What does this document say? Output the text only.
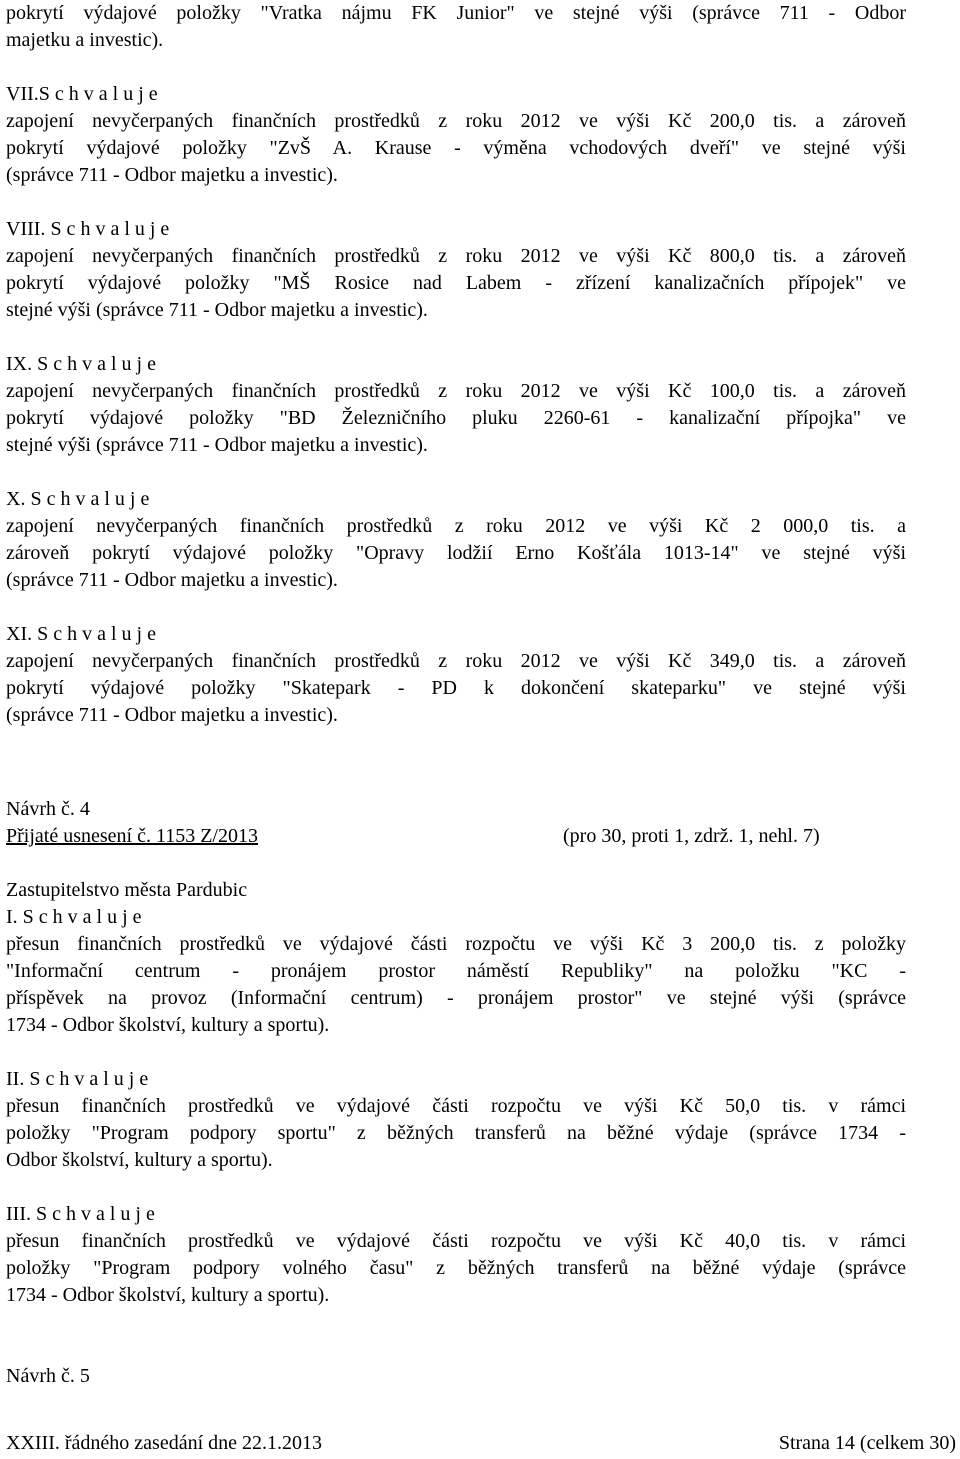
pokrytí výdajové položky "Vratka nájmu FK Junior" ve stejné výši (správce 711 - Odbor
majetku a investic).
VII.S c h v a l u j e
zapojení nevyčerpaných finančních prostředků z roku 2012 ve výši Kč 200,0 tis. a zároveň
pokrytí výdajové položky "ZvŠ A. Krause - výměna vchodových dveří" ve stejné výši
(správce 711 - Odbor majetku a investic).
VIII. S c h v a l u j e
zapojení nevyčerpaných finančních prostředků z roku 2012 ve výši Kč 800,0 tis. a zároveň
pokrytí výdajové položky "MŠ Rosice nad Labem - zřízení kanalizačních přípojek" ve
stejné výši (správce 711 - Odbor majetku a investic).
IX. S c h v a l u j e
zapojení nevyčerpaných finančních prostředků z roku 2012 ve výši Kč 100,0 tis. a zároveň
pokrytí výdajové položky "BD Železničního pluku 2260-61 - kanalizační přípojka" ve
stejné výši (správce 711 - Odbor majetku a investic).
X. S c h v a l u j e
zapojení nevyčerpaných finančních prostředků z roku 2012 ve výši Kč 2 000,0 tis. a
zároveň pokrytí výdajové položky "Opravy lodžií Erno Košťála 1013-14" ve stejné výši
(správce 711 - Odbor majetku a investic).
XI. S c h v a l u j e
zapojení nevyčerpaných finančních prostředků z roku 2012 ve výši Kč 349,0 tis. a zároveň
pokrytí výdajové položky "Skatepark - PD k dokončení skateparku" ve stejné výši
(správce 711 - Odbor majetku a investic).
Návrh č. 4
Přijaté usnesení č. 1153 Z/2013	(pro 30, proti 1, zdrž. 1, nehl. 7)
Zastupitelstvo města Pardubic
I. S c h v a l u j e
přesun finančních prostředků ve výdajové části rozpočtu ve výši Kč 3 200,0 tis. z položky
"Informační centrum - pronájem prostor náměstí Republiky" na položku "KC -
příspěvek na provoz (Informační centrum) - pronájem prostor" ve stejné výši (správce
1734 - Odbor školství, kultury a sportu).
II. S c h v a l u j e
přesun finančních prostředků ve výdajové části rozpočtu ve výši Kč 50,0 tis. v rámci
položky "Program podpory sportu" z běžných transferů na běžné výdaje (správce 1734 -
Odbor školství, kultury a sportu).
III. S c h v a l u j e
přesun finančních prostředků ve výdajové části rozpočtu ve výši Kč 40,0 tis. v rámci
položky "Program podpory volného času" z běžných transferů na běžné výdaje (správce
1734 - Odbor školství, kultury a sportu).
Návrh č. 5
XXIII. řádného zasedání dne 22.1.2013	Strana 14 (celkem 30)
